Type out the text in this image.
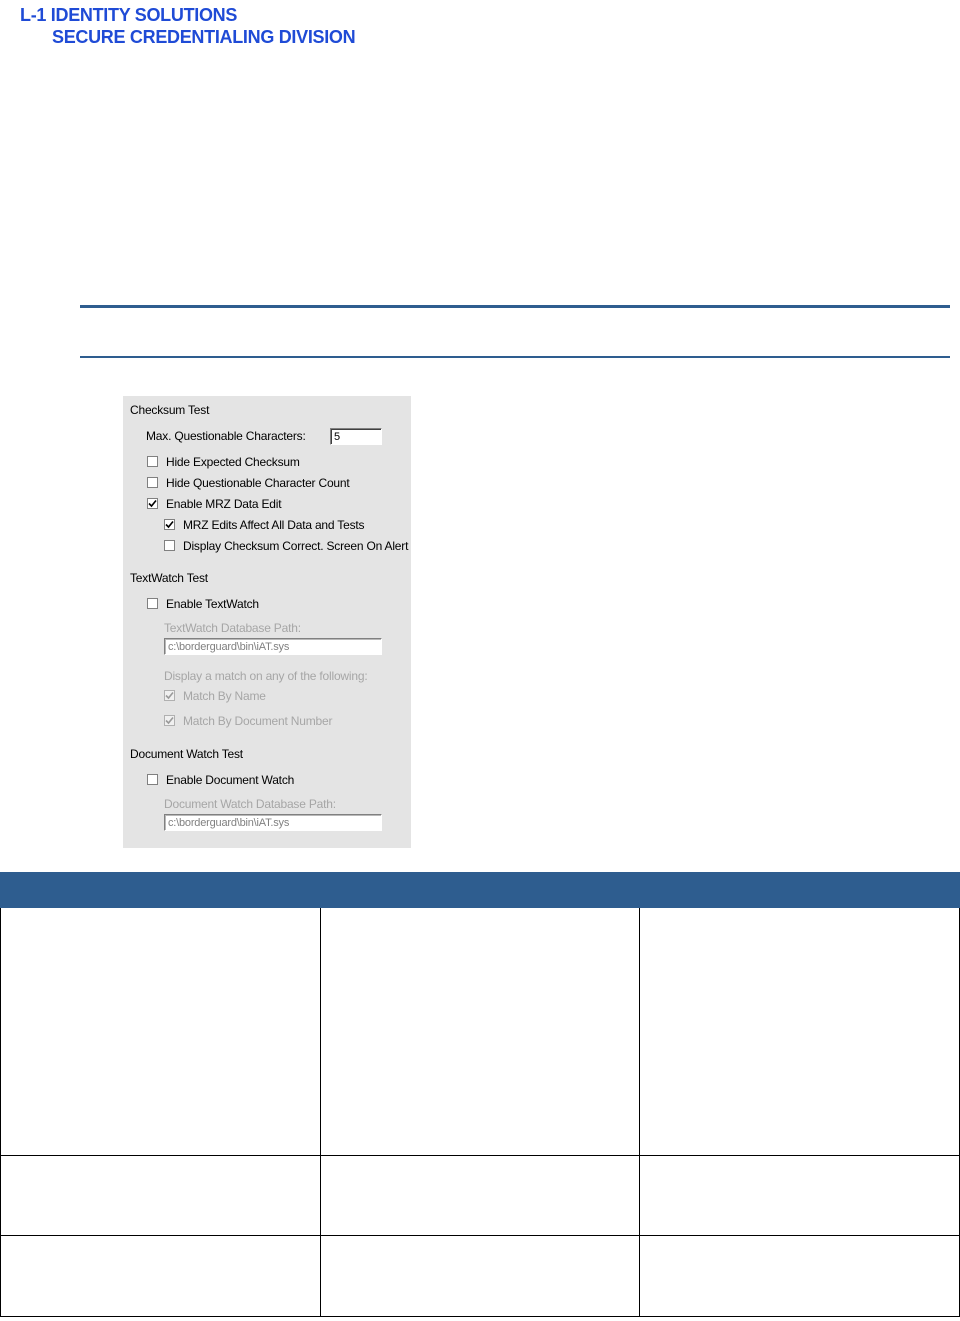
L-1 IDENTITY SOLUTIONS
SECURE CREDENTIALING DIVISION
Checksum Test
Max. Questionable Characters:	5
Hide Expected Checksum
Hide Questionable Character Count
Enable MRZ Data Edit
MRZ Edits Affect All Data and Tests
Display Checksum Correct. Screen On Alert
TextWatch Test
Enable TextWatch
TextWatch Database Path:
c:\borderguard\bin\iAT.sys
Display a match on any of the following:
Match By Name
Match By Document Number
Document Watch Test
Enable Document Watch
Document Watch Database Path:
c:\borderguard\bin\iAT.sys
